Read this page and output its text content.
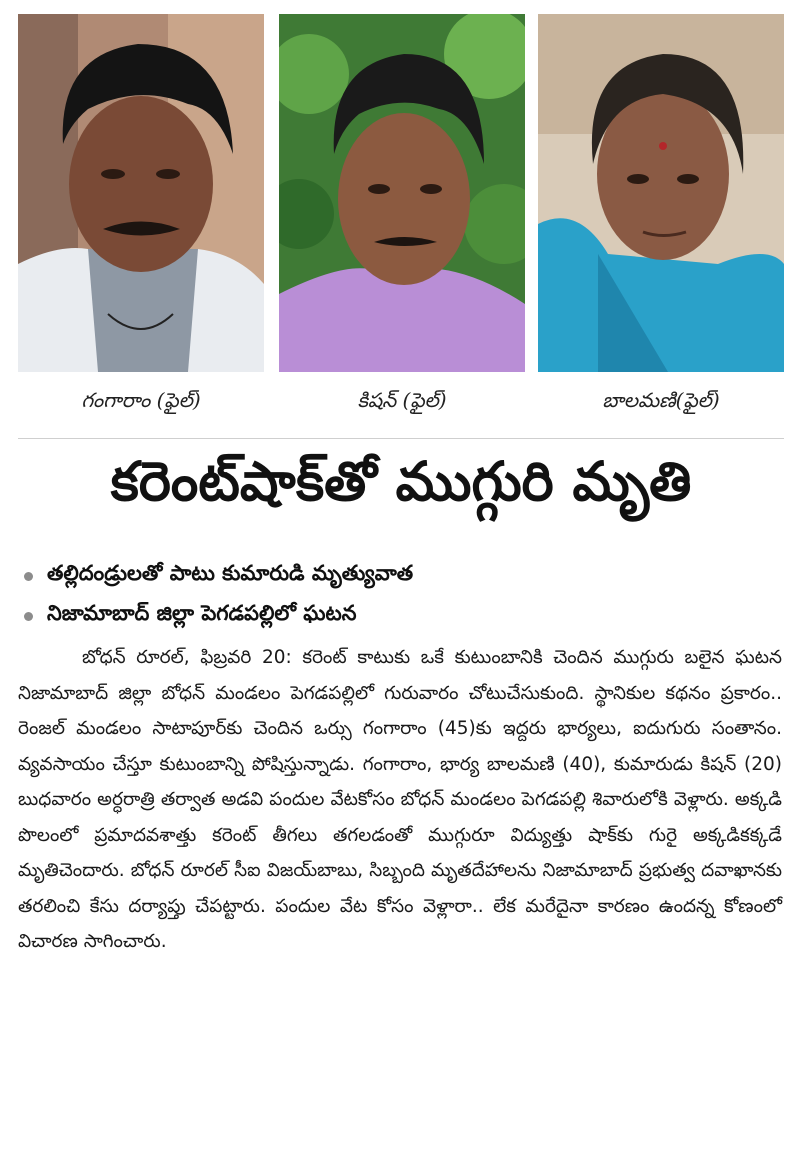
గంగారాం (ఫైల్)	కిషన్ (ఫైల్)	బాలమణి(ఫైల్)
కరెంట్‌షాక్‌తో ముగ్గురి మృతి
తల్లిదండ్రులతో పాటు కుమారుడి మృత్యువాత
నిజామాబాద్ జిల్లా పెగడపల్లిలో ఘటన

బోధన్ రూరల్, ఫిబ్రవరి 20: కరెంట్ కాటుకు ఒకే కుటుంబానికి చెందిన ముగ్గురు బలైన ఘటన నిజామాబాద్ జిల్లా బోధన్ మండలం పెగడపల్లిలో గురువారం చోటుచేసుకుంది. స్థానికుల కథనం ప్రకారం.. రెంజల్ మండలం సాటాపూర్‌కు చెందిన ఒర్సు గంగారాం (45)కు ఇద్దరు భార్యలు, ఐదుగురు సంతానం. వ్యవసాయం చేస్తూ కుటుంబాన్ని పోషిస్తున్నాడు. గంగారాం, భార్య బాలమణి (40), కుమారుడు కిషన్ (20) బుధవారం అర్ధరాత్రి తర్వాత అడవి పందుల వేటకోసం బోధన్ మండలం పెగడపల్లి శివారులోకి వెళ్లారు. అక్కడి పొలంలో ప్రమాదవశాత్తు కరెంట్ తీగలు తగలడంతో ముగ్గురూ విద్యుత్తు షాక్‌కు గురై అక్కడికక్కడే మృతిచెందారు. బోధన్ రూరల్ సీఐ విజయ్‌బాబు, సిబ్బంది మృతదేహాలను నిజామాబాద్ ప్రభుత్వ దవాఖానకు తరలించి కేసు దర్యాప్తు చేపట్టారు. పందుల వేట కోసం వెళ్లారా.. లేక మరేదైనా కారణం ఉందన్న కోణంలో విచారణ సాగించారు.
